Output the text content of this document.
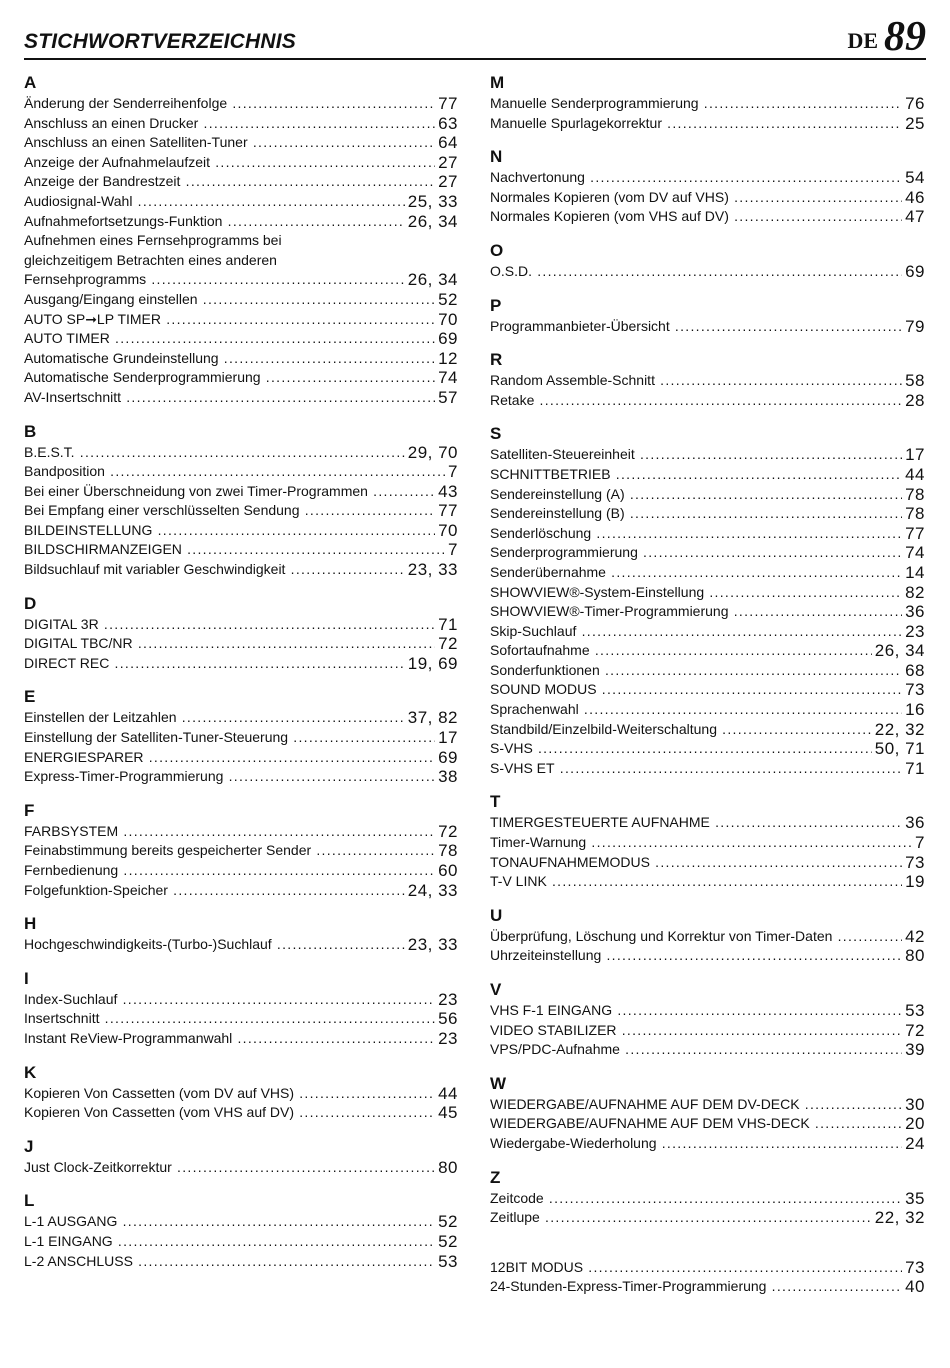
STICHWORTVERZEICHNIS	DE 89
A
Änderung der Senderreihenfolge .....	77
Anschluss an einen Drucker .....	63
Anschluss an einen Satelliten-Tuner .....	64
Anzeige der Aufnahmelaufzeit .....	27
Anzeige der Bandrestzeit .....	27
Audiosignal-Wahl .....	25, 33
Aufnahmefortsetzungs-Funktion .....	26, 34
Aufnehmen eines Fernsehprogramms bei
gleichzeitigem Betrachten eines anderen
Fernsehprogramms .....	26, 34
Ausgang/Eingang einstellen .....	52
AUTO SP➞LP TIMER .....	70
AUTO TIMER .....	69
Automatische Grundeinstellung .....	12
Automatische Senderprogrammierung .....	74
AV-Insertschnitt .....	57
B
B.E.S.T. .....	29, 70
Bandposition .....	7
Bei einer Überschneidung von zwei Timer-Programmen .....	43
Bei Empfang einer verschlüsselten Sendung .....	77
BILDEINSTELLUNG .....	70
BILDSCHIRMANZEIGEN .....	7
Bildsuchlauf mit variabler Geschwindigkeit .....	23, 33
D
DIGITAL 3R .....	71
DIGITAL TBC/NR .....	72
DIRECT REC .....	19, 69
E
Einstellen der Leitzahlen .....	37, 82
Einstellung der Satelliten-Tuner-Steuerung .....	17
ENERGIESPARER .....	69
Express-Timer-Programmierung .....	38
F
FARBSYSTEM .....	72
Feinabstimmung bereits gespeicherter Sender .....	78
Fernbedienung .....	60
Folgefunktion-Speicher .....	24, 33
H
Hochgeschwindigkeits-(Turbo-)Suchlauf .....	23, 33
I
Index-Suchlauf .....	23
Insertschnitt .....	56
Instant ReView-Programmanwahl .....	23
K
Kopieren Von Cassetten (vom DV auf VHS) .....	44
Kopieren Von Cassetten (vom VHS auf DV) .....	45
J
Just Clock-Zeitkorrektur .....	80
L
L-1 AUSGANG .....	52
L-1 EINGANG .....	52
L-2 ANSCHLUSS .....	53
M
Manuelle Senderprogrammierung .....	76
Manuelle Spurlagekorrektur .....	25
N
Nachvertonung .....	54
Normales Kopieren (vom DV auf VHS) .....	46
Normales Kopieren (vom VHS auf DV) .....	47
O
O.S.D. .....	69
P
Programmanbieter-Übersicht .....	79
R
Random Assemble-Schnitt .....	58
Retake .....	28
S
Satelliten-Steuereinheit .....	17
SCHNITTBETRIEB .....	44
Sendereinstellung (A) .....	78
Sendereinstellung (B) .....	78
Senderlöschung .....	77
Senderprogrammierung .....	74
Senderübernahme .....	14
SHOWVIEW®-System-Einstellung .....	82
SHOWVIEW®-Timer-Programmierung .....	36
Skip-Suchlauf .....	23
Sofortaufnahme .....	26, 34
Sonderfunktionen .....	68
SOUND MODUS .....	73
Sprachenwahl .....	16
Standbild/Einzelbild-Weiterschaltung .....	22, 32
S-VHS .....	50, 71
S-VHS ET .....	71
T
TIMERGESTEUERTE AUFNAHME .....	36
Timer-Warnung .....	7
TONAUFNAHMEMODUS .....	73
T-V LINK .....	19
U
Überprüfung, Löschung und Korrektur von Timer-Daten .....	42
Uhrzeiteinstellung .....	80
V
VHS F-1 EINGANG .....	53
VIDEO STABILIZER .....	72
VPS/PDC-Aufnahme .....	39
W
WIEDERGABE/AUFNAHME AUF DEM DV-DECK .....	30
WIEDERGABE/AUFNAHME AUF DEM VHS-DECK .....	20
Wiedergabe-Wiederholung .....	24
Z
Zeitcode .....	35
Zeitlupe .....	22, 32
12BIT MODUS .....	73
24-Stunden-Express-Timer-Programmierung .....	40
